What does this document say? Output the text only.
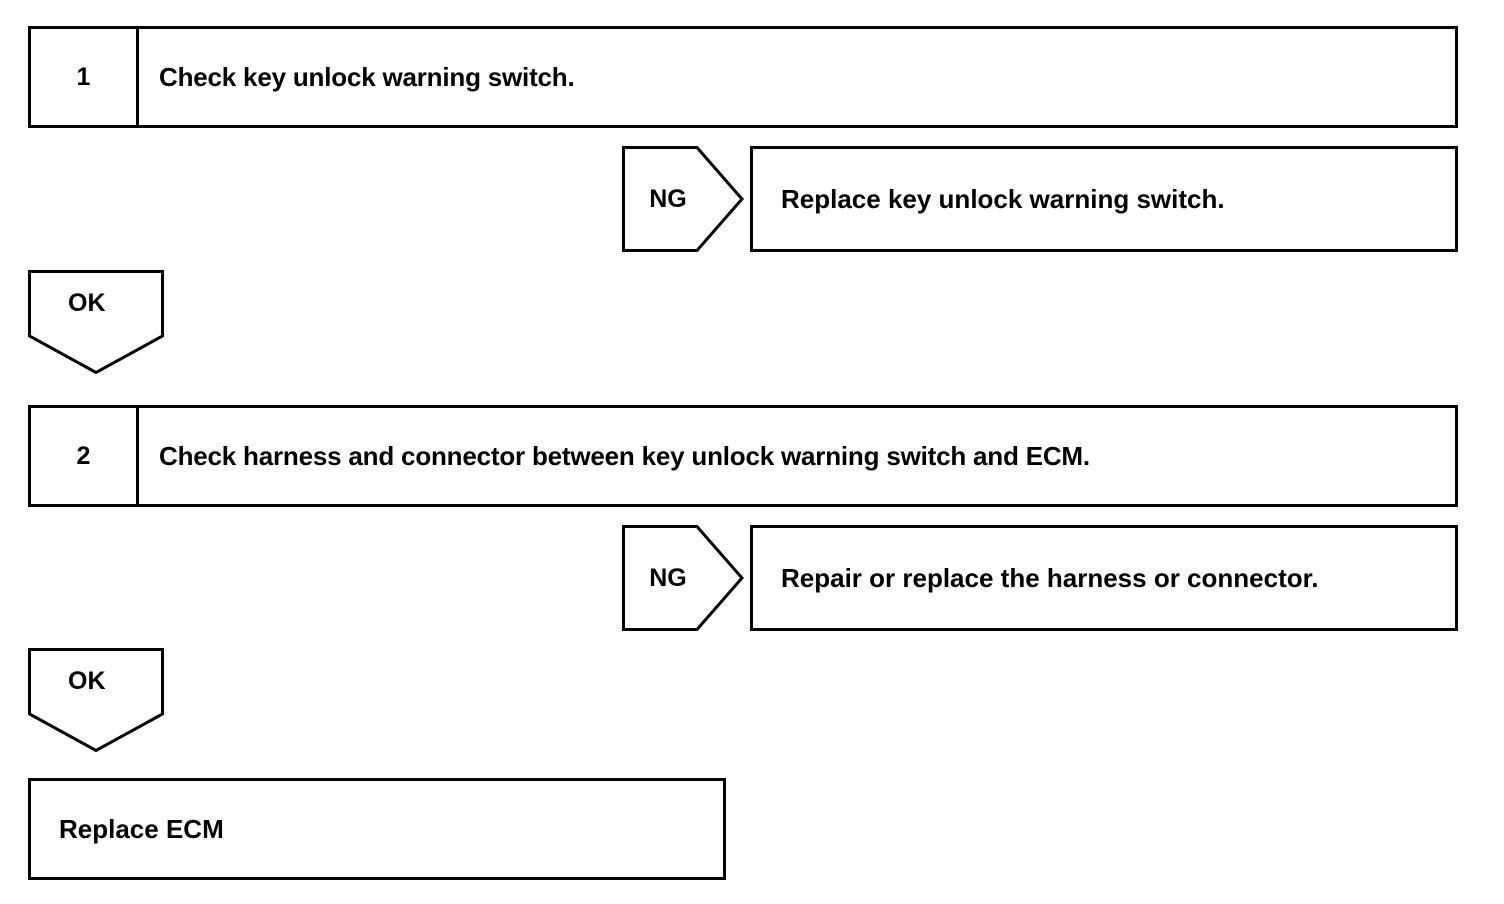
1	Check key unlock warning switch.
NG	Replace key unlock warning switch.
OK
2	Check harness and connector between key unlock warning switch and ECM.
NG	Repair or replace the harness or connector.
OK
Replace ECM
